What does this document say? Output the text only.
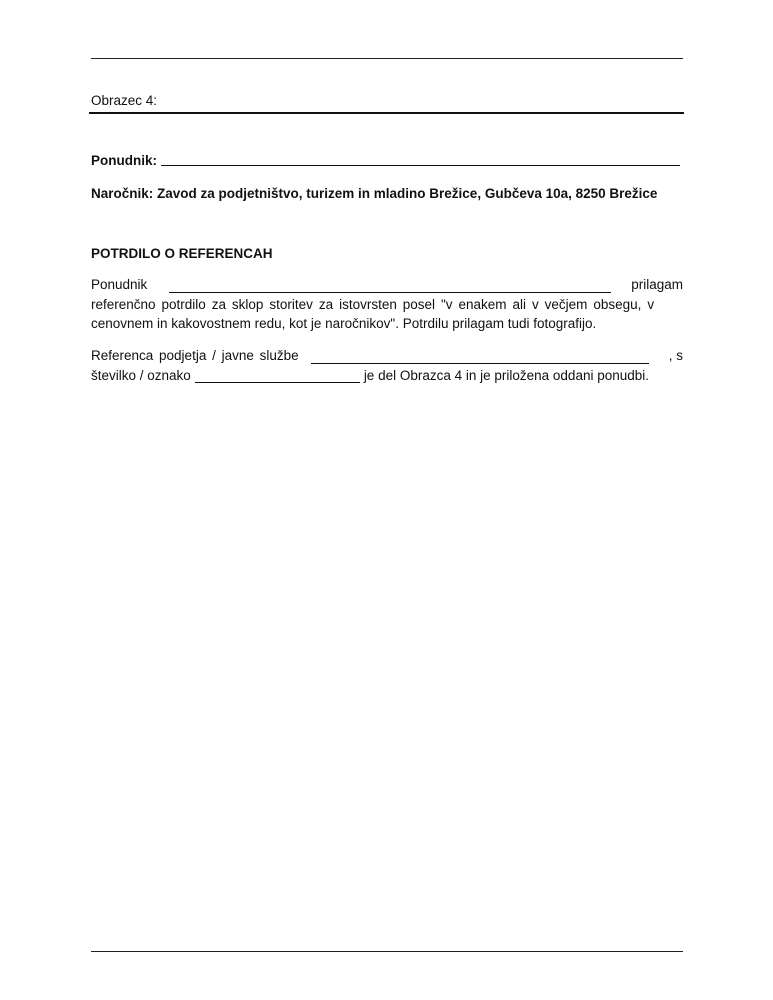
Obrazec 4:
Ponudnik:
Naročnik: Zavod za podjetništvo, turizem in mladino Brežice, Gubčeva 10a, 8250 Brežice
POTRDILO O REFERENCAH
Ponudnik	prilagam
referenčno potrdilo za sklop storitev za istovrsten posel "v enakem ali v večjem obsegu, v
cenovnem in kakovostnem redu, kot je naročnikov". Potrdilu prilagam tudi fotografijo.
Referenca podjetja / javne službe	, s
številko / oznako	je del Obrazca 4 in je priložena oddani ponudbi.
